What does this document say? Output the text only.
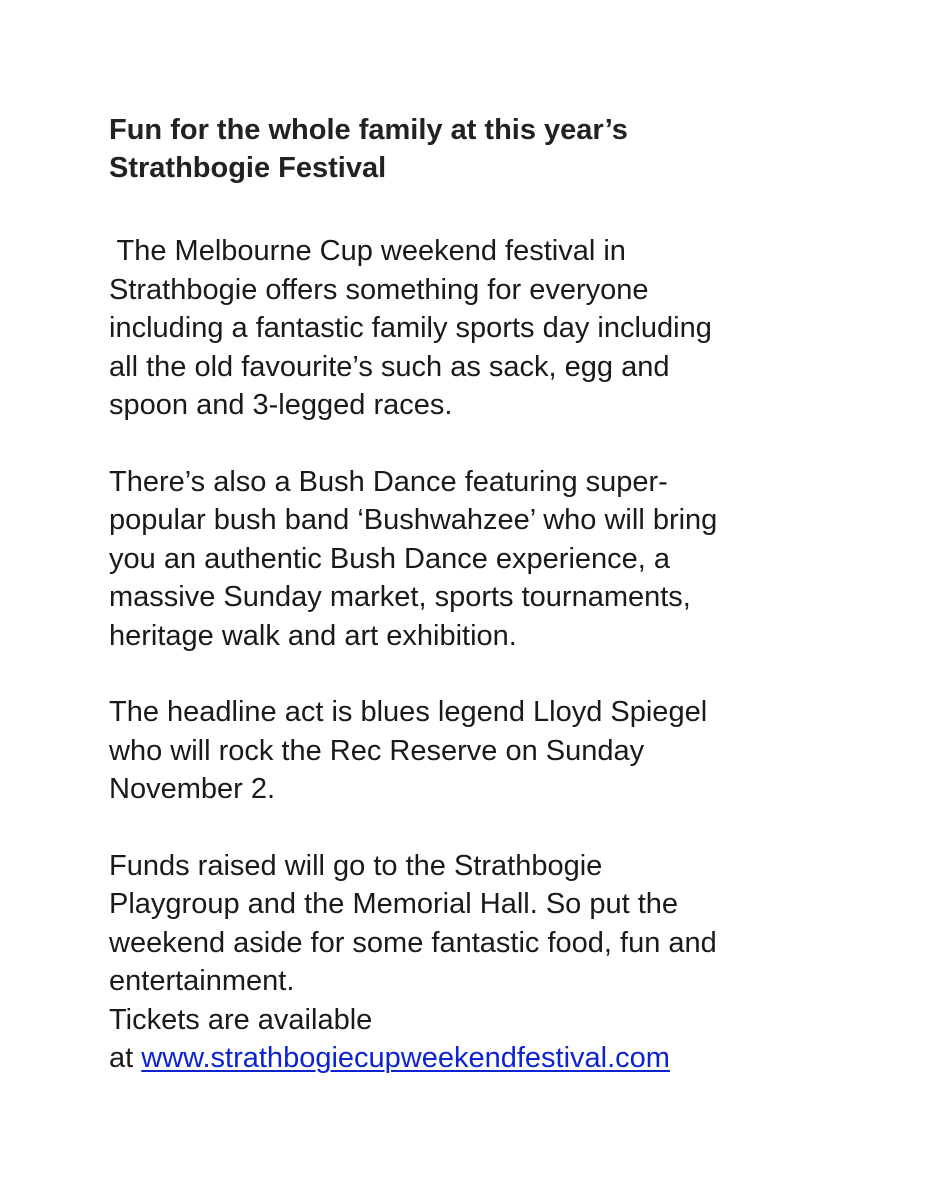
Fun for the whole family at this year’s
Strathbogie Festival

The Melbourne Cup weekend festival in
Strathbogie offers something for everyone
including a fantastic family sports day including
all the old favourite’s such as sack, egg and
spoon and 3-legged races.

There’s also a Bush Dance featuring super-
popular bush band ‘Bushwahzee’ who will bring
you an authentic Bush Dance experience, a
massive Sunday market, sports tournaments,
heritage walk and art exhibition.

The headline act is blues legend Lloyd Spiegel
who will rock the Rec Reserve on Sunday
November 2.

Funds raised will go to the Strathbogie
Playgroup and the Memorial Hall. So put the
weekend aside for some fantastic food, fun and
entertainment.
Tickets are available
at www.strathbogiecupweekendfestival.com
